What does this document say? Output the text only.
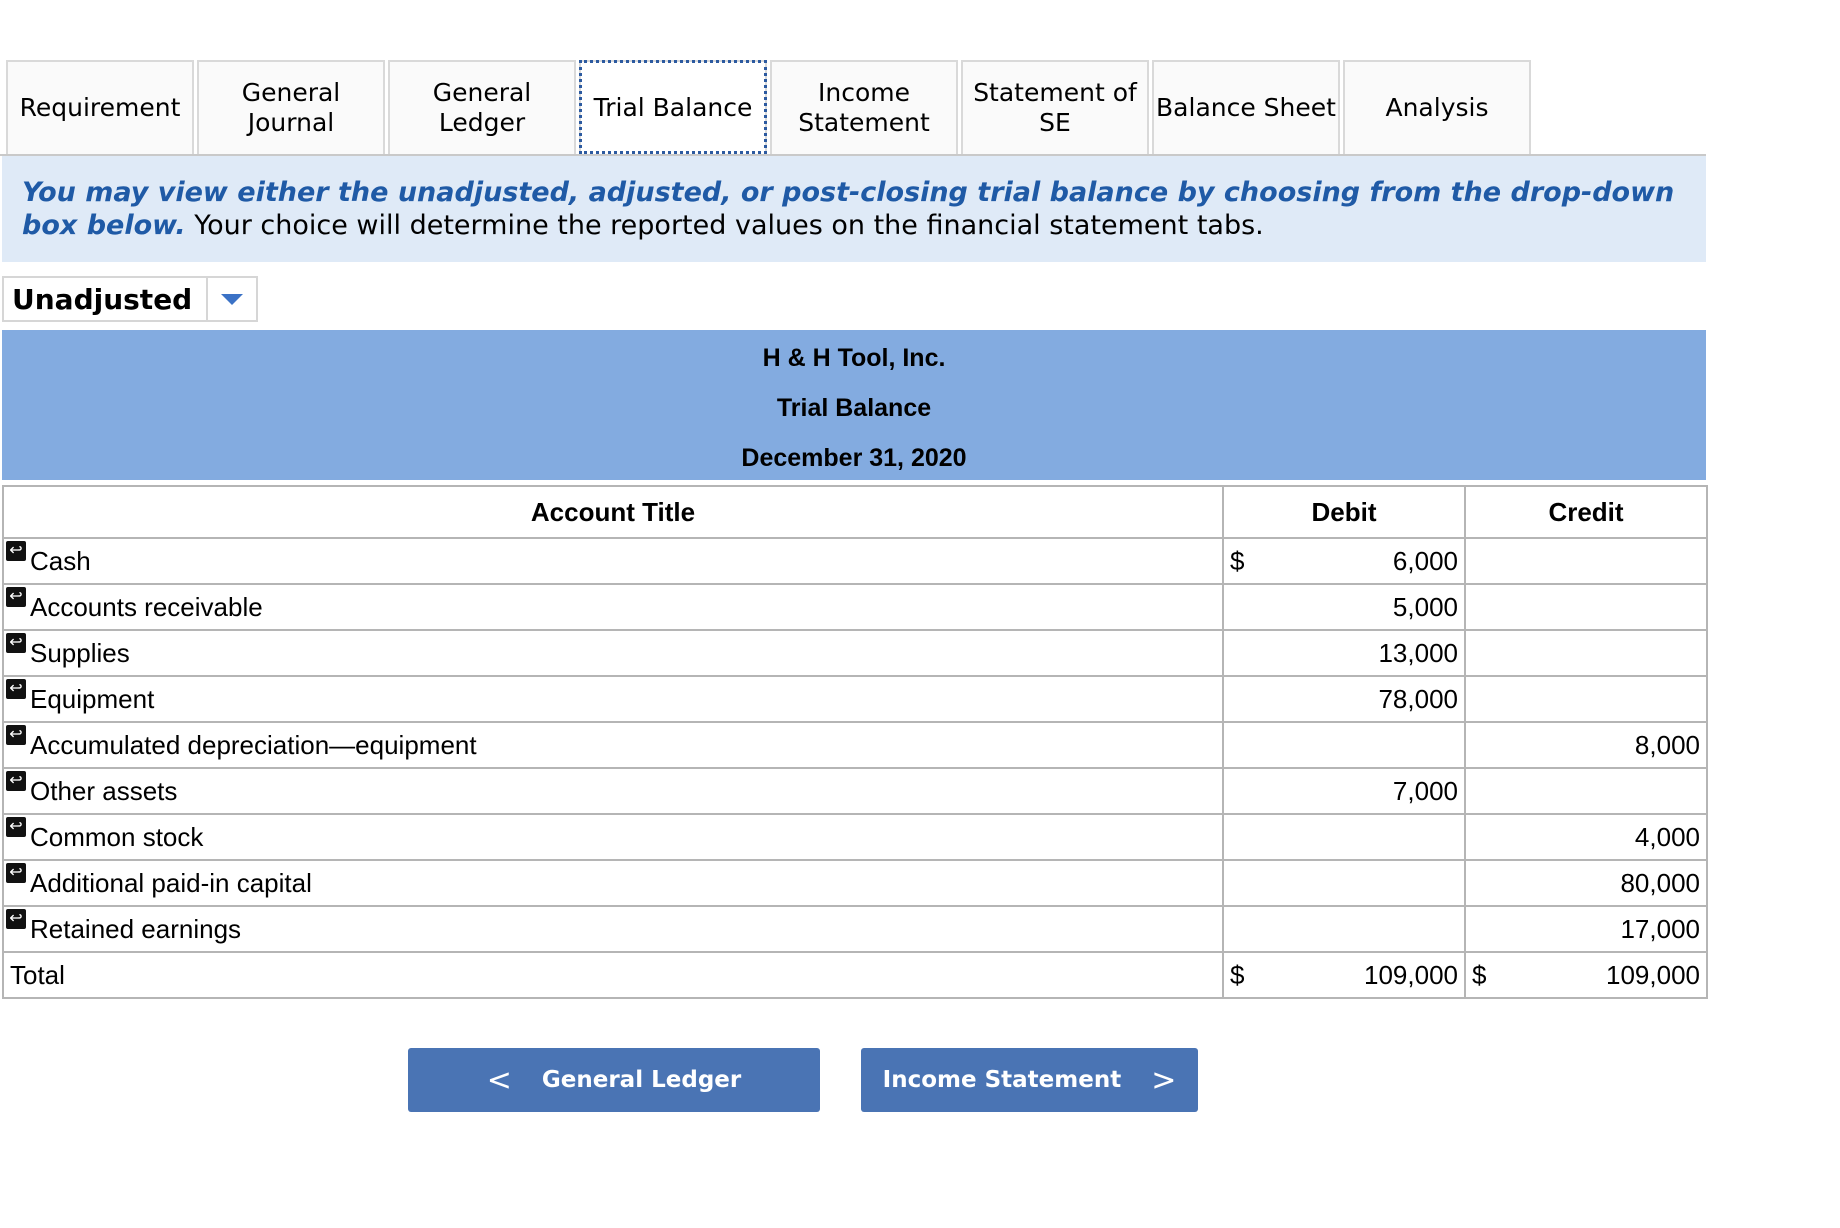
Requirement
General Journal
General Ledger
Trial Balance
Income Statement
Statement of SE
Balance Sheet	Analysis
You may view either the unadjusted, adjusted, or post-closing trial balance by choosing from the drop-down box below. Your choice will determine the reported values on the financial statement tabs.
Unadjusted
H & H Tool, Inc.
Trial Balance
December 31, 2020
Account Title	Debit	Credit

↩ Cash	$ 6,000	

↩ Accounts receivable	5,000	

↩ Supplies	13,000	

↩ Equipment	78,000	

↩ Accumulated depreciation—equipment		8,000

↩ Other assets	7,000	

↩ Common stock		4,000

↩ Additional paid-in capital		80,000

↩ Retained earnings		17,000
Total	$ 109,000	$ 109,000
< General Ledger	Income Statement >
